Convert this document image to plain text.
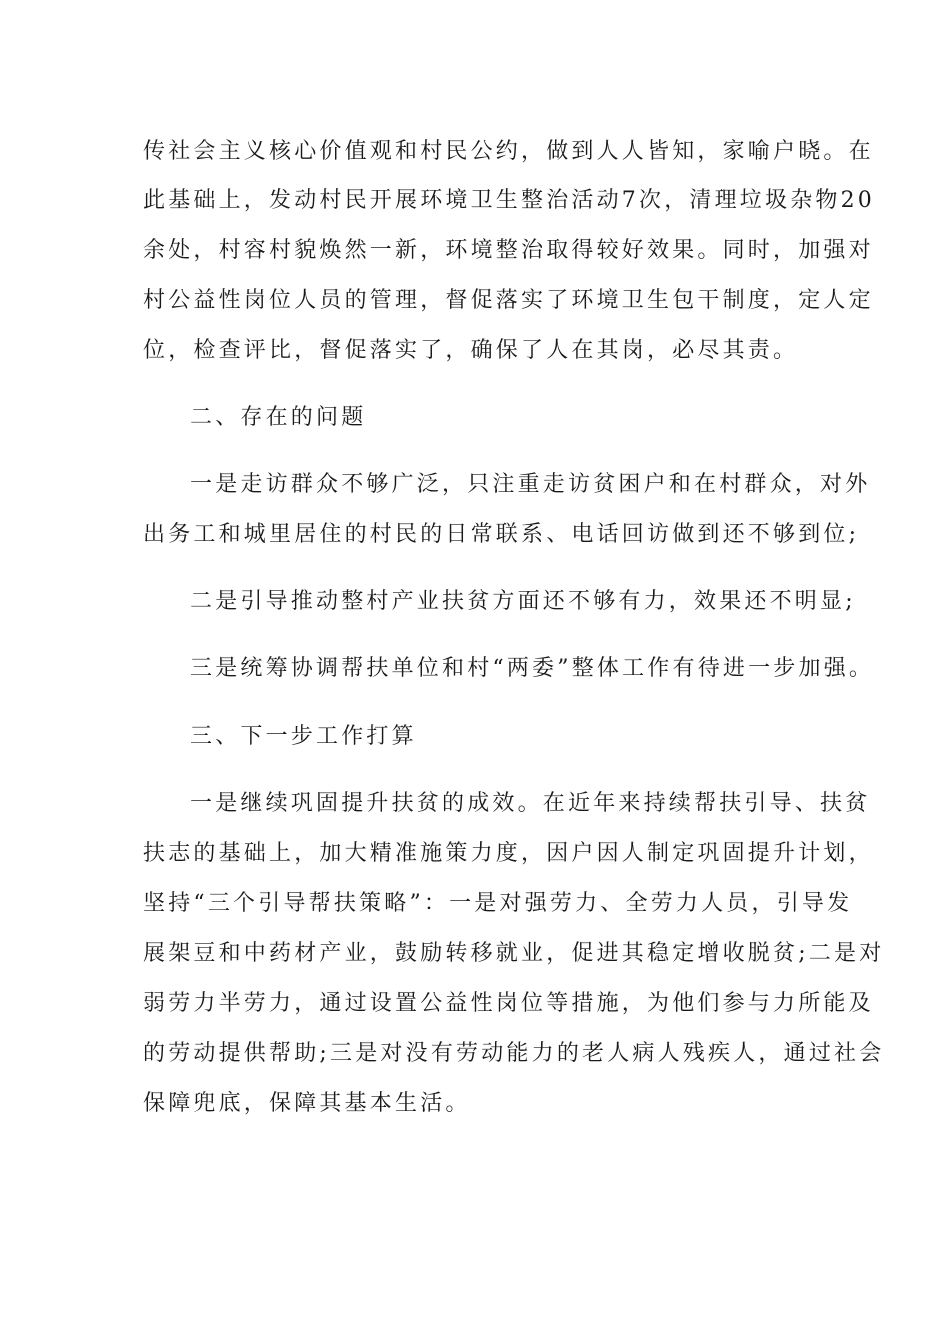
传社会主义核心价值观和村民公约，做到人人皆知，家喻户晓。在
此基础上，发动村民开展环境卫生整治活动7次，清理垃圾杂物20
余处，村容村貌焕然一新，环境整治取得较好效果。同时，加强对
村公益性岗位人员的管理，督促落实了环境卫生包干制度，定人定
位，检查评比，督促落实了，确保了人在其岗，必尽其责。
二、存在的问题
一是走访群众不够广泛，只注重走访贫困户和在村群众，对外
出务工和城里居住的村民的日常联系、电话回访做到还不够到位;
二是引导推动整村产业扶贫方面还不够有力，效果还不明显;
三是统筹协调帮扶单位和村“两委”整体工作有待进一步加强。
三、下一步工作打算
一是继续巩固提升扶贫的成效。在近年来持续帮扶引导、扶贫
扶志的基础上，加大精准施策力度，因户因人制定巩固提升计划，
坚持“三个引导帮扶策略”：一是对强劳力、全劳力人员，引导发
展架豆和中药材产业，鼓励转移就业，促进其稳定增收脱贫;二是对
弱劳力半劳力，通过设置公益性岗位等措施，为他们参与力所能及
的劳动提供帮助;三是对没有劳动能力的老人病人残疾人，通过社会
保障兜底，保障其基本生活。
